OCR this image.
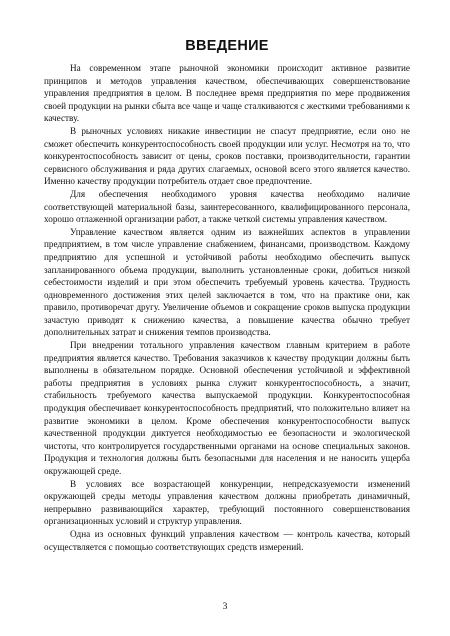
ВВЕДЕНИЕ

На современном этапе рыночной экономики происходит активное развитие принципов и методов управления качеством, обеспечивающих совершенствование управления предприятия в целом. В последнее время предприятия по мере продвижения своей продукции на рынки сбыта все чаще и чаще сталкиваются с жесткими требованиями к качеству.

В рыночных условиях никакие инвестиции не спасут предприятие, если оно не сможет обеспечить конкурентоспособность своей продукции или услуг. Несмотря на то, что конкурентоспособность зависит от цены, сроков поставки, производительности, гарантии сервисного обслуживания и ряда других слагаемых, основой всего этого является качество. Именно качеству продукции потребитель отдает свое предпочтение.

Для обеспечения необходимого уровня качества необходимо наличие соответствующей материальной базы, заинтересованного, квалифицированного персонала, хорошо отлаженной организации работ, а также четкой системы управления качеством.

Управление качеством является одним из важнейших аспектов в управлении предприятием, в том числе управление снабжением, финансами, производством. Каждому предприятию для успешной и устойчивой работы необходимо обеспечить выпуск запланированного объема продукции, выполнить установленные сроки, добиться низкой себестоимости изделий и при этом обеспечить требуемый уровень качества. Трудность одновременного достижения этих целей заключается в том, что на практике они, как правило, противоречат другу. Увеличение объемов и сокращение сроков выпуска продукции зачастую приводят к снижению качества, а повышение качества обычно требует дополнительных затрат и снижения темпов производства.

При внедрении тотального управления качеством главным критерием в работе предприятия является качество. Требования заказчиков к качеству продукции должны быть выполнены в обязательном порядке. Основной обеспечения устойчивой и эффективной работы предприятия в условиях рынка служит конкурентоспособность, а значит, стабильность требуемого качества выпускаемой продукции. Конкурентоспособная продукция обеспечивает конкурентоспособность предприятий, что положительно влияет на развитие экономики в целом. Кроме обеспечения конкурентоспособности выпуск качественной продукции диктуется необходимостью ее безопасности и экологической чистоты, что контролируется государственными органами на основе специальных законов. Продукция и технология должны быть безопасными для населения и не наносить ущерба окружающей среде.

В условиях все возрастающей конкуренции, непредсказуемости изменений окружающей среды методы управления качеством должны приобретать динамичный, непрерывно развивающийся характер, требующий постоянного совершенствования организационных условий и структур управления.

Одна из основных функций управления качеством — контроль качества, который осуществляется с помощью соответствующих средств измерений.

3
